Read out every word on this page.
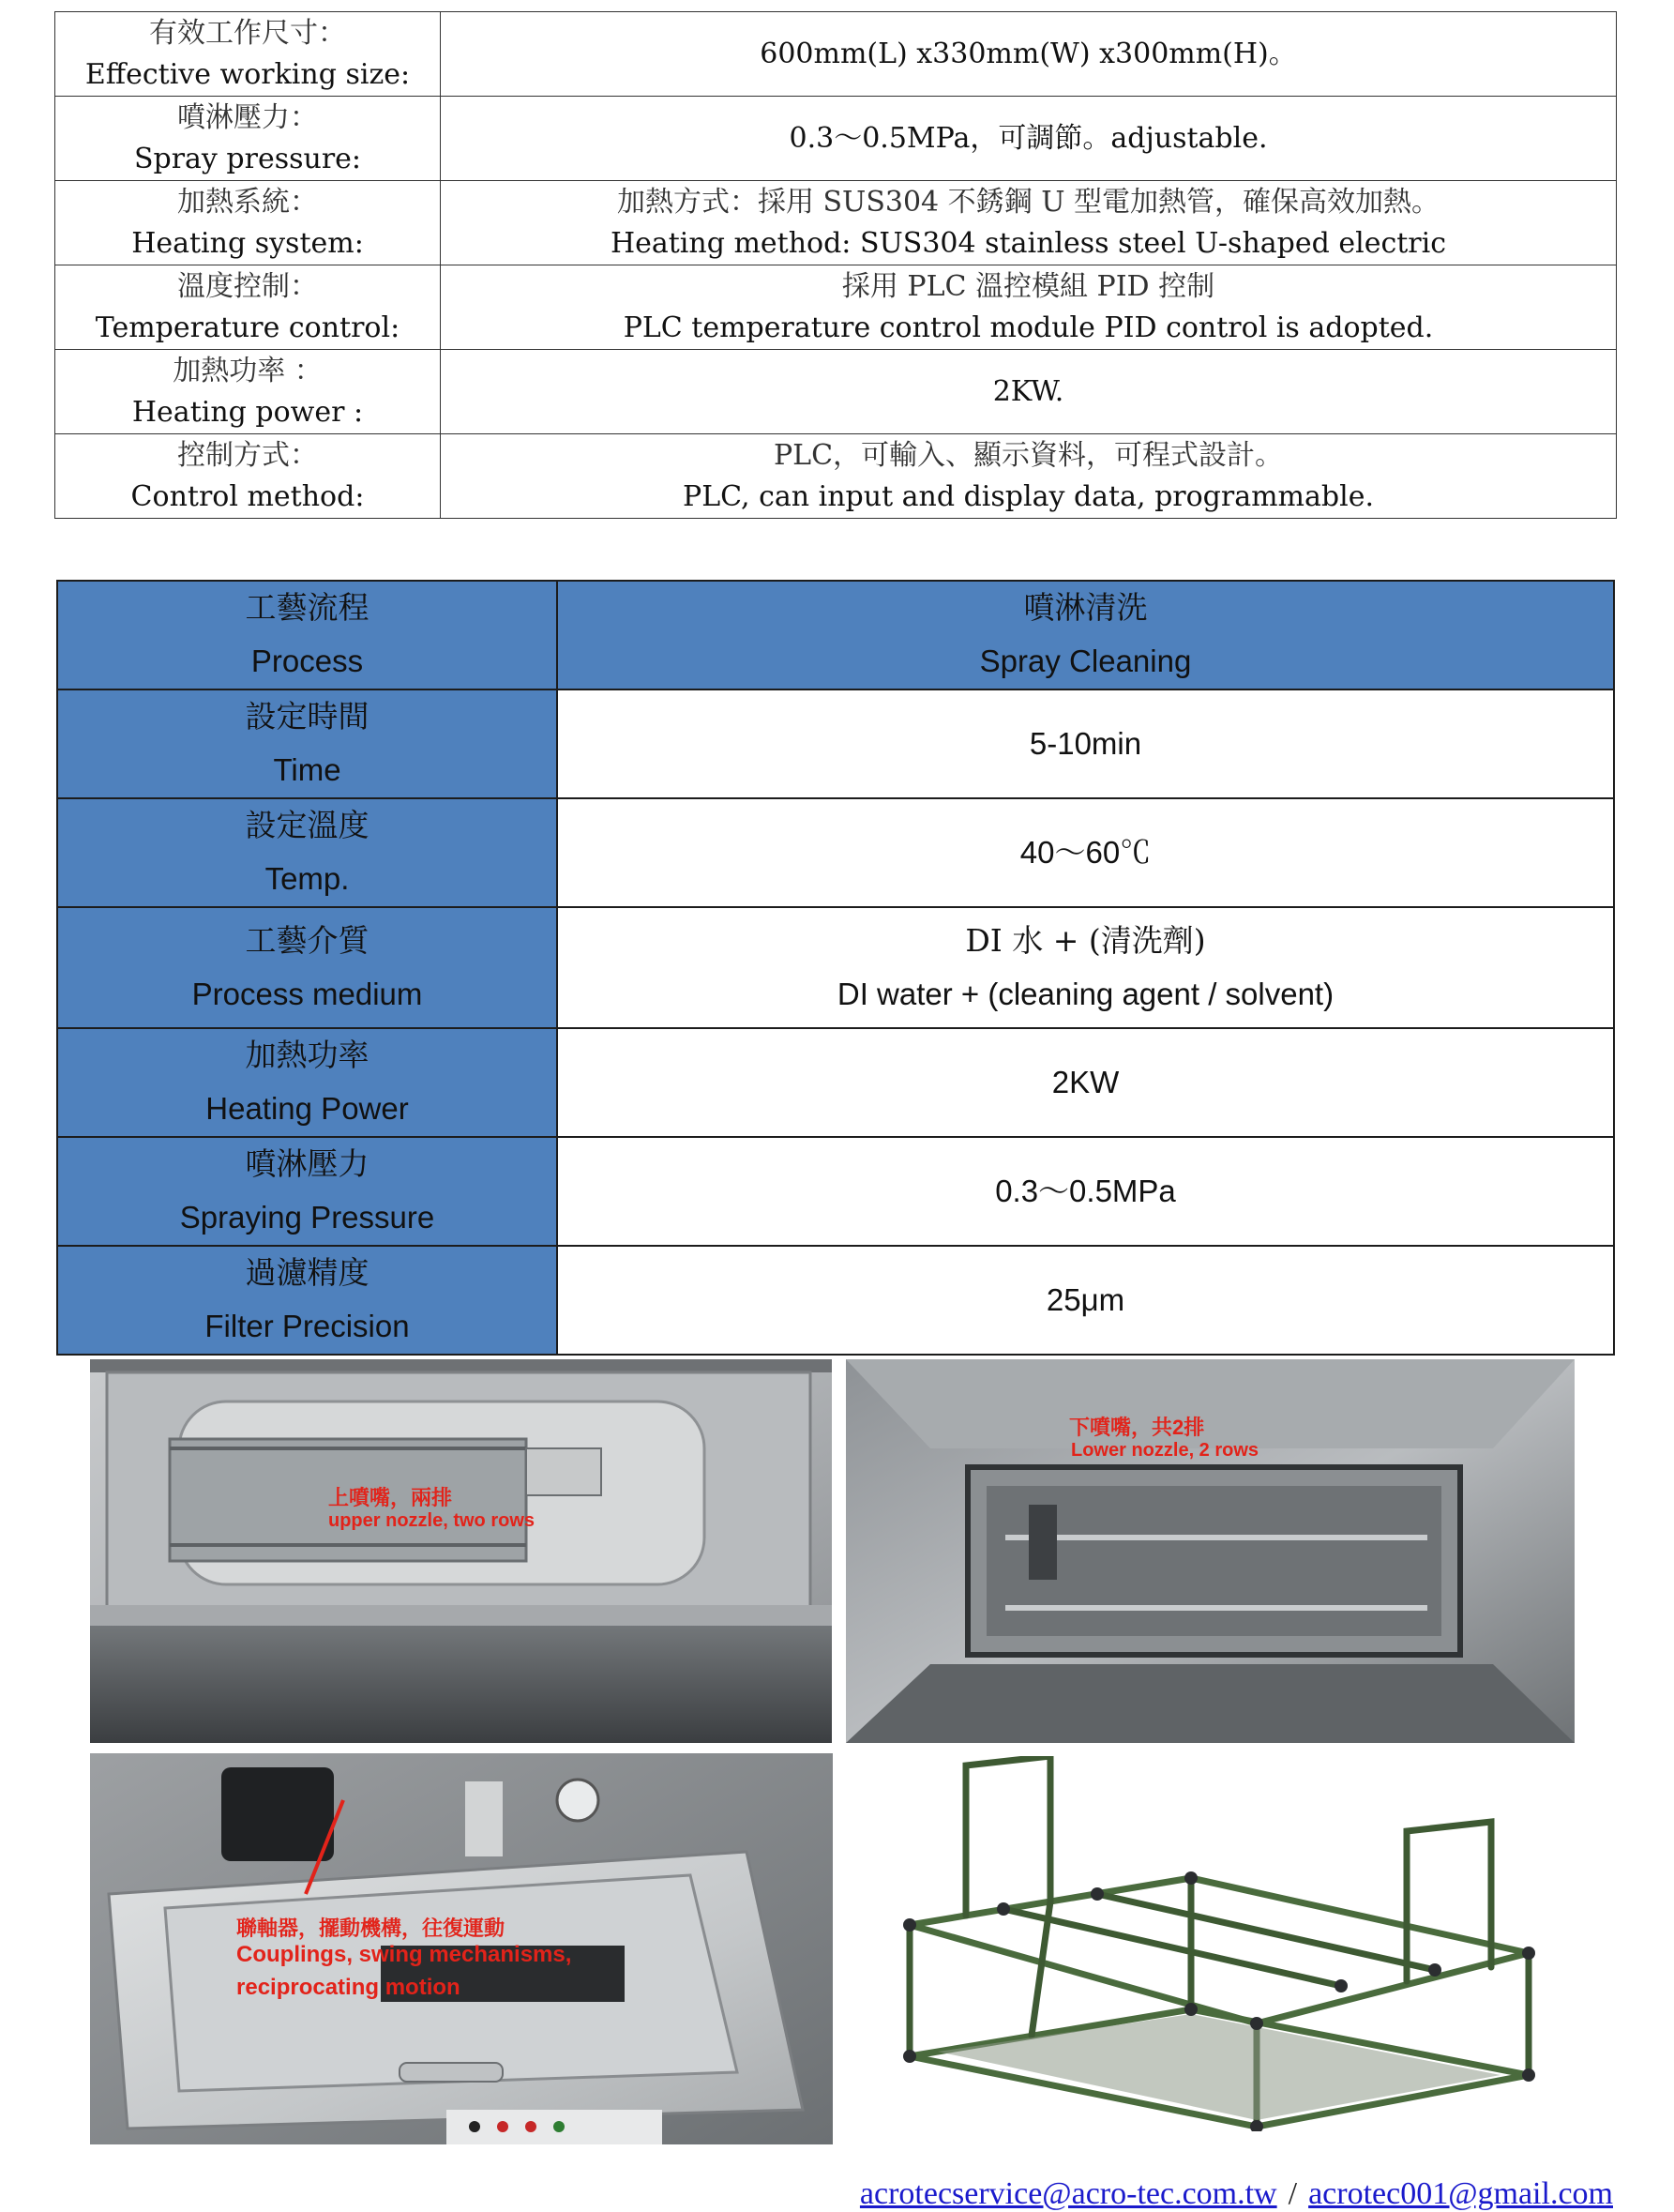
有效工作尺寸：
Effective working size:	600mm(L) x330mm(W) x300mm(H)。

噴淋壓力：
Spray pressure:	0.3～0.5MPa，可調節。adjustable.

加熱系統：
Heating system:	加熱方式：採用 SUS304 不銹鋼 U 型電加熱管，確保高效加熱。
Heating method: SUS304 stainless steel U-shaped electric

溫度控制：
Temperature control:	採用 PLC 溫控模組 PID 控制
PLC temperature control module PID control is adopted.

加熱功率 ：
Heating power :	2KW.

控制方式：
Control method:	PLC，可輸入、顯示資料，可程式設計。
PLC, can input and display data, programmable.
工藝流程
Process	噴淋清洗
Spray Cleaning

設定時間
Time	5-10min

設定溫度
Temp.	40～60℃

工藝介質
Process medium	DI 水 + (清洗劑)
DI water + (cleaning agent / solvent)

加熱功率
Heating Power	2KW

噴淋壓力
Spraying Pressure	0.3～0.5MPa

過濾精度
Filter Precision	25μm
上噴嘴，兩排
upper nozzle, two rows
下噴嘴，共2排
Lower nozzle, 2 rows
聯軸器，擺動機構，往復運動
Couplings, swing mechanisms,
reciprocating motion
acrotecservice@acro-tec.com.tw / acrotec001@gmail.com
